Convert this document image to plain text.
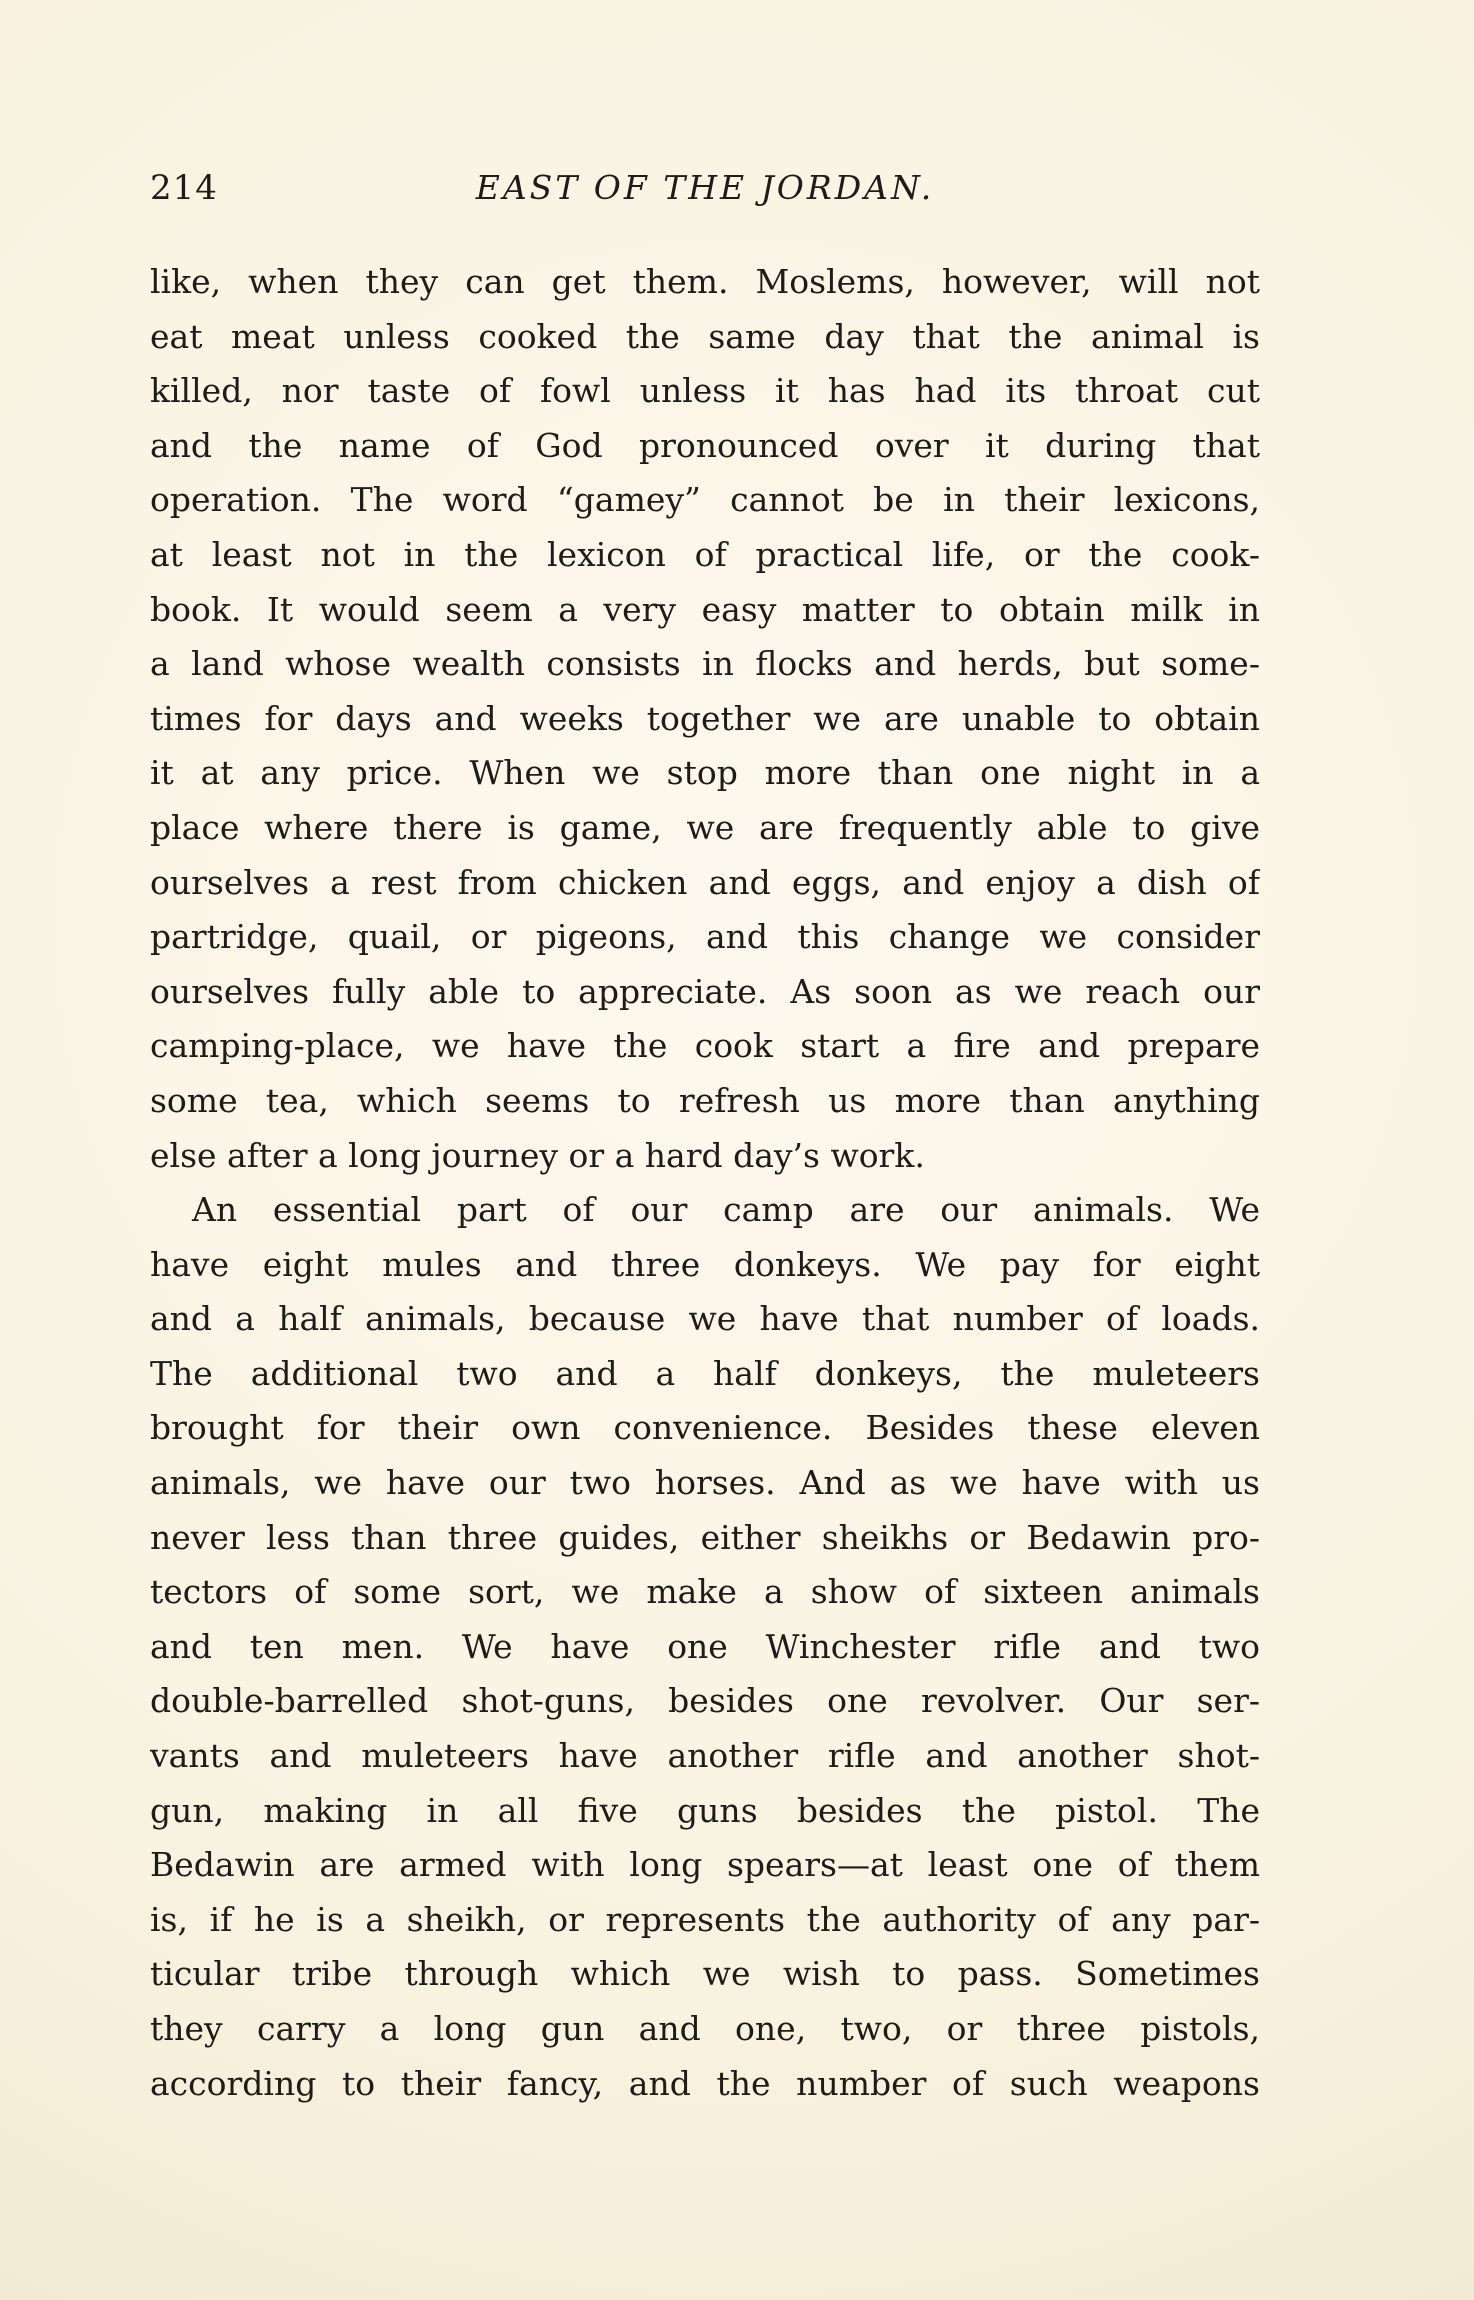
214	EAST OF THE JORDAN.
like, when they can get them. Moslems, however, will not
eat meat unless cooked the same day that the animal is
killed, nor taste of fowl unless it has had its throat cut
and the name of God pronounced over it during that
operation. The word “gamey” cannot be in their lexicons,
at least not in the lexicon of practical life, or the cook-
book. It would seem a very easy matter to obtain milk in
a land whose wealth consists in flocks and herds, but some-
times for days and weeks together we are unable to obtain
it at any price. When we stop more than one night in a
place where there is game, we are frequently able to give
ourselves a rest from chicken and eggs, and enjoy a dish of
partridge, quail, or pigeons, and this change we consider
ourselves fully able to appreciate. As soon as we reach our
camping-place, we have the cook start a fire and prepare
some tea, which seems to refresh us more than anything
else after a long journey or a hard day’s work.
An essential part of our camp are our animals. We
have eight mules and three donkeys. We pay for eight
and a half animals, because we have that number of loads.
The additional two and a half donkeys, the muleteers
brought for their own convenience. Besides these eleven
animals, we have our two horses. And as we have with us
never less than three guides, either sheikhs or Bedawin pro-
tectors of some sort, we make a show of sixteen animals
and ten men. We have one Winchester rifle and two
double-barrelled shot-guns, besides one revolver. Our ser-
vants and muleteers have another rifle and another shot-
gun, making in all five guns besides the pistol. The
Bedawin are armed with long spears—at least one of them
is, if he is a sheikh, or represents the authority of any par-
ticular tribe through which we wish to pass. Sometimes
they carry a long gun and one, two, or three pistols,
according to their fancy, and the number of such weapons
